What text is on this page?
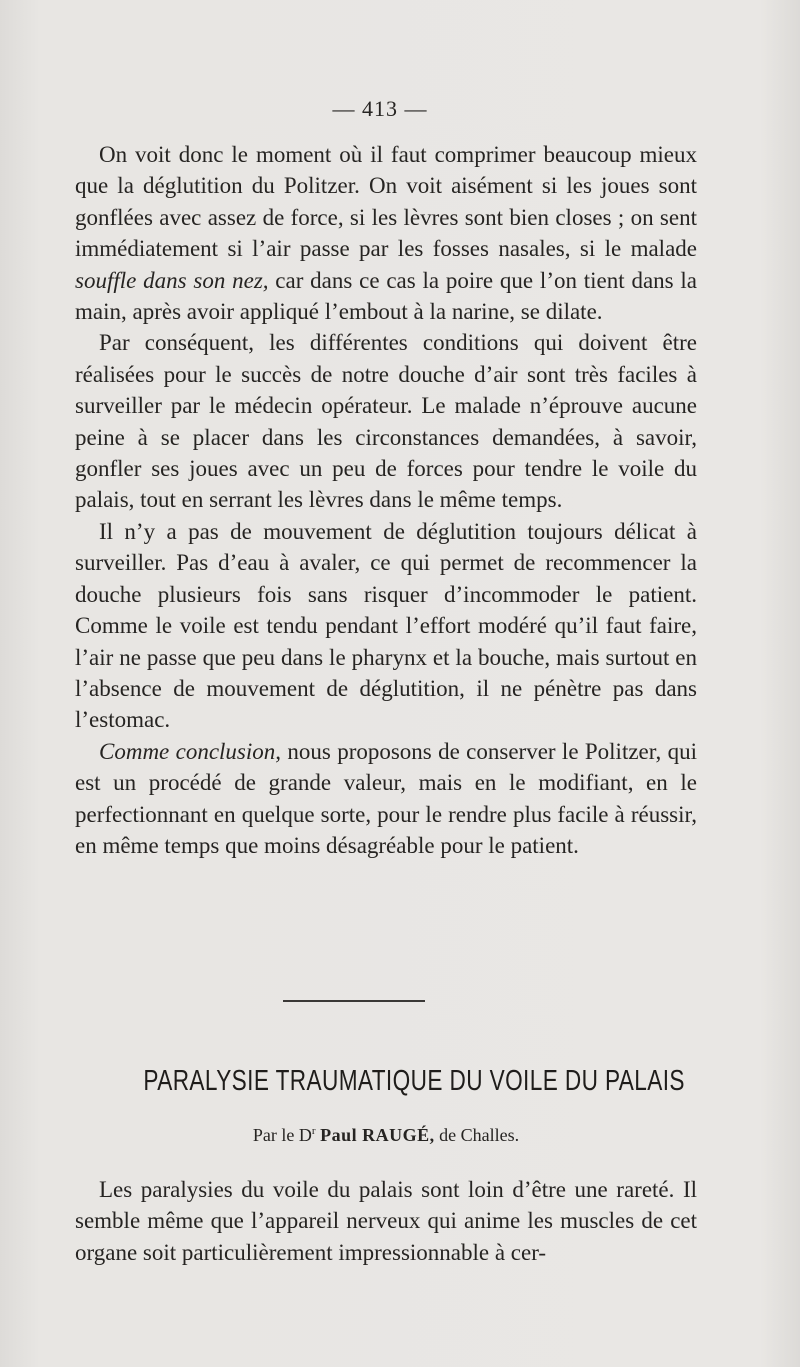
— 413 —

On voit donc le moment où il faut comprimer beaucoup mieux que la déglutition du Politzer. On voit aisément si les joues sont gonflées avec assez de force, si les lèvres sont bien closes ; on sent immédiatement si l’air passe par les fosses nasales, si le malade souffle dans son nez, car dans ce cas la poire que l’on tient dans la main, après avoir appliqué l’embout à la narine, se dilate.

Par conséquent, les différentes conditions qui doivent être réalisées pour le succès de notre douche d’air sont très faciles à surveiller par le médecin opérateur. Le malade n’éprouve aucune peine à se placer dans les circonstances demandées, à savoir, gonfler ses joues avec un peu de forces pour tendre le voile du palais, tout en serrant les lèvres dans le même temps.

Il n’y a pas de mouvement de déglutition toujours délicat à surveiller. Pas d’eau à avaler, ce qui permet de recommencer la douche plusieurs fois sans risquer d’incommoder le patient. Comme le voile est tendu pendant l’effort modéré qu’il faut faire, l’air ne passe que peu dans le pharynx et la bouche, mais surtout en l’absence de mouvement de déglutition, il ne pénètre pas dans l’estomac.

Comme conclusion, nous proposons de conserver le Politzer, qui est un procédé de grande valeur, mais en le modifiant, en le perfectionnant en quelque sorte, pour le rendre plus facile à réussir, en même temps que moins désagréable pour le patient.

PARALYSIE TRAUMATIQUE DU VOILE DU PALAIS
Par le $D^r$ Paul RAUGÉ, de Challes.

Les paralysies du voile du palais sont loin d’être une rareté. Il semble même que l’appareil nerveux qui anime les muscles de cet organe soit particulièrement impressionnable à cer-
